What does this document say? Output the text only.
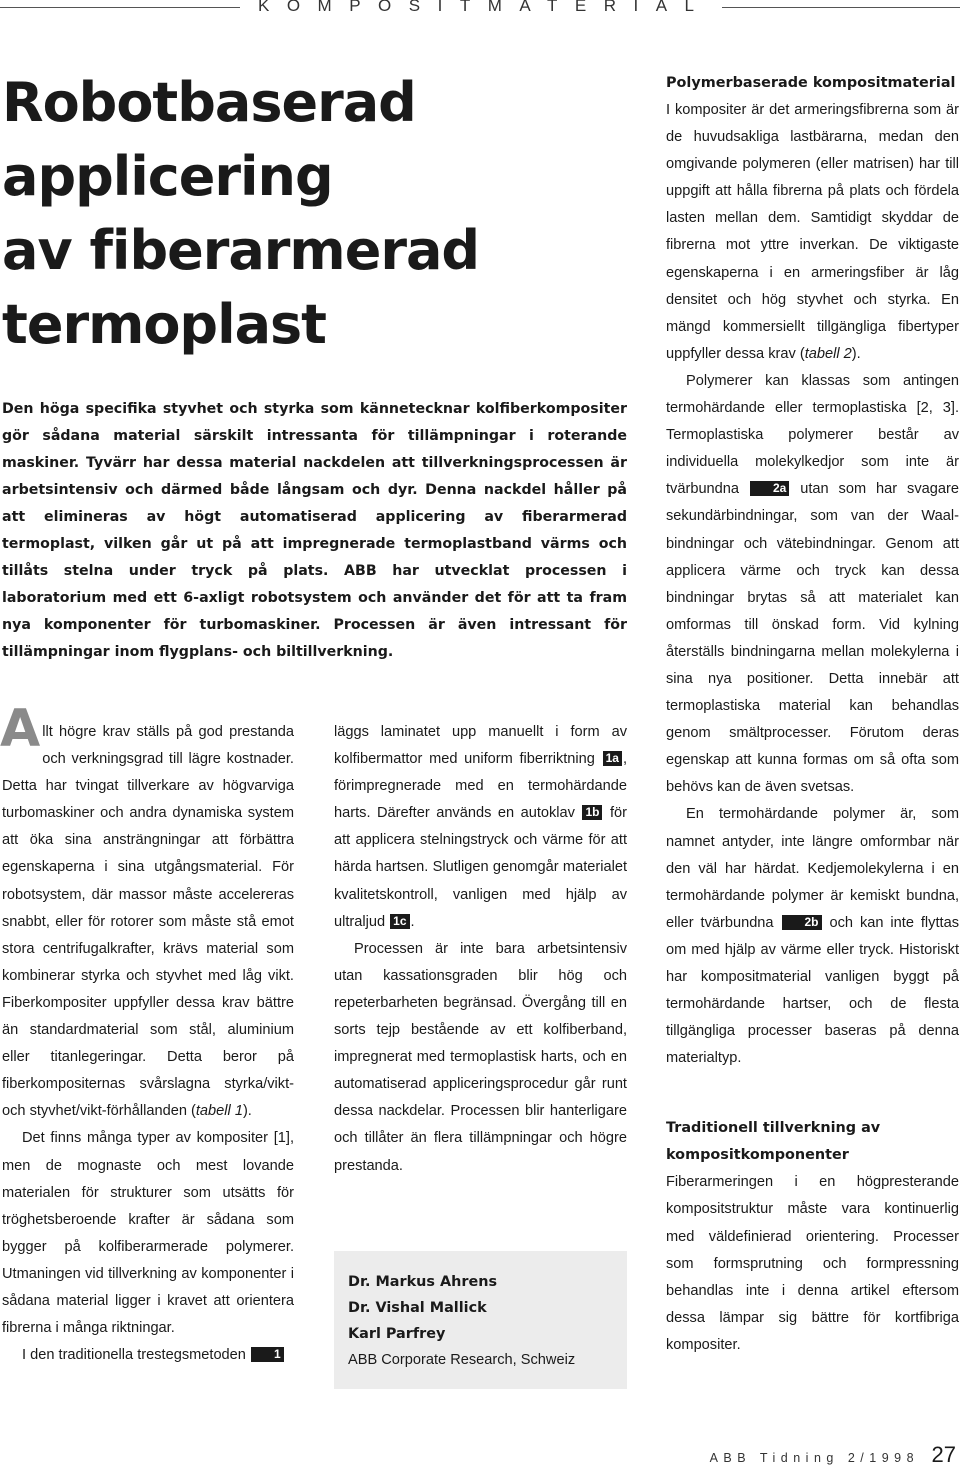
KOMPOSITMATERIAL
Robotbaserad
applicering
av fiberarmerad
termoplast

Den höga specifika styvhet och styrka som kännetecknar kolfiberkompositer gör sådana material särskilt intressanta för tillämpningar i roterande maskiner. Tyvärr har dessa material nackdelen att tillverkningsprocessen är arbetsintensiv och därmed både långsam och dyr. Denna nackdel håller på att elimineras av högt automatiserad applicering av fiberarmerad termoplast, vilken går ut på att impregnerade termoplastband värms och tillåts stelna under tryck på plats. ABB har utvecklat processen i laboratorium med ett 6-axligt robotsystem och använder det för att ta fram nya komponenter för turbomaskiner. Processen är även intressant för tillämpningar inom flygplans- och biltillverkning.

Allt högre krav ställs på god prestanda och verkningsgrad till lägre kostnader. Detta har tvingat tillverkare av högvarviga turbomaskiner och andra dynamiska system att öka sina ansträngningar att förbättra egenskaperna i sina utgångsmaterial. För robotsystem, där massor måste accelereras snabbt, eller för rotorer som måste stå emot stora centrifugalkrafter, krävs material som kombinerar styrka och styvhet med låg vikt. Fiberkompositer uppfyller dessa krav bättre än standardmaterial som stål, aluminium eller titanlegeringar. Detta beror på fiberkompositernas svårslagna styrka/vikt- och styvhet/vikt-förhållanden (tabell 1).

Det finns många typer av kompositer [1], men de mognaste och mest lovande materialen för strukturer som utsätts för tröghetsberoende krafter är sådana som bygger på kolfiberarmerade polymerer. Utmaningen vid tillverkning av komponenter i sådana material ligger i kravet att orientera fibrerna i många riktningar.

I den traditionella trestegsmetoden 1

läggs laminatet upp manuellt i form av kolfibermattor med uniform fiberriktning 1a , förimpregnerade med en termohärdande harts. Därefter används en autoklav 1b för att applicera stelningstryck och värme för att härda hartsen. Slutligen genomgår materialet kvalitetskontroll, vanligen med hjälp av ultraljud 1c .

Processen är inte bara arbetsintensiv utan kassationsgraden blir hög och repeterbarheten begränsad. Övergång till en sorts tejp bestående av ett kolfiberband, impregnerat med termoplastisk harts, och en automatiserad appliceringsprocedur går runt dessa nackdelar. Processen blir hanterligare och tillåter än flera tillämpningar och högre prestanda.

Dr. Markus Ahrens
Dr. Vishal Mallick
Karl Parfrey
ABB Corporate Research, Schweiz
Polymerbaserade kompositmaterial

I kompositer är det armeringsfibrerna som är de huvudsakliga lastbärarna, medan den omgivande polymeren (eller matrisen) har till uppgift att hålla fibrerna på plats och fördela lasten mellan dem. Samtidigt skyddar de fibrerna mot yttre inverkan. De viktigaste egenskaperna i en armeringsfiber är låg densitet och hög styvhet och styrka. En mängd kommersiellt tillgängliga fibertyper uppfyller dessa krav (tabell 2).

Polymerer kan klassas som antingen termohärdande eller termoplastiska [2, 3]. Termoplastiska polymerer består av individuella molekylkedjor som inte är tvärbundna	2a utan som har svagare sekundärbindningar, som van der Waal-bindningar och vätebindningar. Genom att applicera värme och tryck kan dessa bindningar brytas så att materialet kan omformas till önskad form. Vid kylning återställs bindningarna mellan molekylerna i sina nya positioner. Detta innebär att termoplastiska material kan behandlas genom smältprocesser. Förutom deras egenskap att kunna formas om så ofta som behövs kan de även svetsas.

En termohärdande polymer är, som namnet antyder, inte längre omformbar när den väl har härdat. Kedjemolekylerna i en termohärdande polymer är kemiskt bundna, eller tvärbundna	2b och kan inte flyttas om med hjälp av värme eller tryck. Historiskt har kompositmaterial vanligen byggt på termohärdande hartser, och de flesta tillgängliga processer baseras på denna materialtyp.

Traditionell tillverkning av kompositkomponenter

Fiberarmeringen i en högpresterande kompositstruktur måste vara kontinuerlig med väldefinierad orientering. Processer som formsprutning och formpressning behandlas inte i denna artikel eftersom dessa lämpar sig bättre för kortfibriga kompositer.

ABB Tidning 2/1998 27
